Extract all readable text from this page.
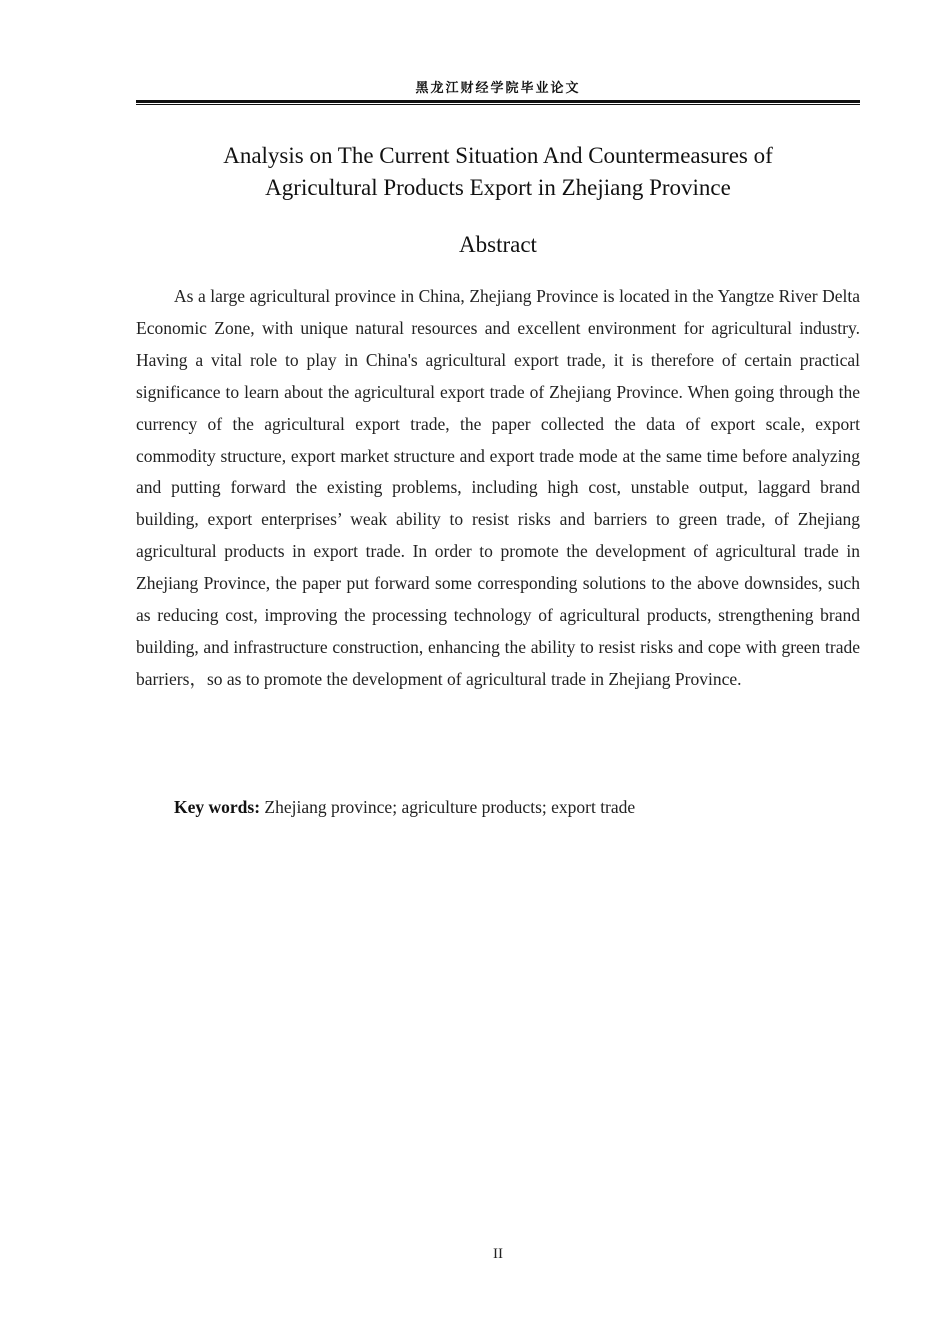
黑龙江财经学院毕业论文
Analysis on The Current Situation And Countermeasures of
Agricultural Products Export in Zhejiang Province
Abstract

As a large agricultural province in China, Zhejiang Province is located in the Yangtze River Delta Economic Zone, with unique natural resources and excellent environment for agricultural industry. Having a vital role to play in China's agricultural export trade, it is therefore of certain practical significance to learn about the agricultural export trade of Zhejiang Province. When going through the currency of the agricultural export trade, the paper collected the data of export scale, export commodity structure, export market structure and export trade mode at the same time before analyzing and putting forward the existing problems, including high cost, unstable output, laggard brand building, export enterprises’ weak ability to resist risks and barriers to green trade, of Zhejiang agricultural products in export trade. In order to promote the development of agricultural trade in Zhejiang Province, the paper put forward some corresponding solutions to the above downsides, such as reducing cost, improving the processing technology of agricultural products, strengthening brand building, and infrastructure construction, enhancing the ability to resist risks and cope with green trade barriers，so as to promote the development of agricultural trade in Zhejiang Province.

Key words: Zhejiang province; agriculture products; export trade

II
